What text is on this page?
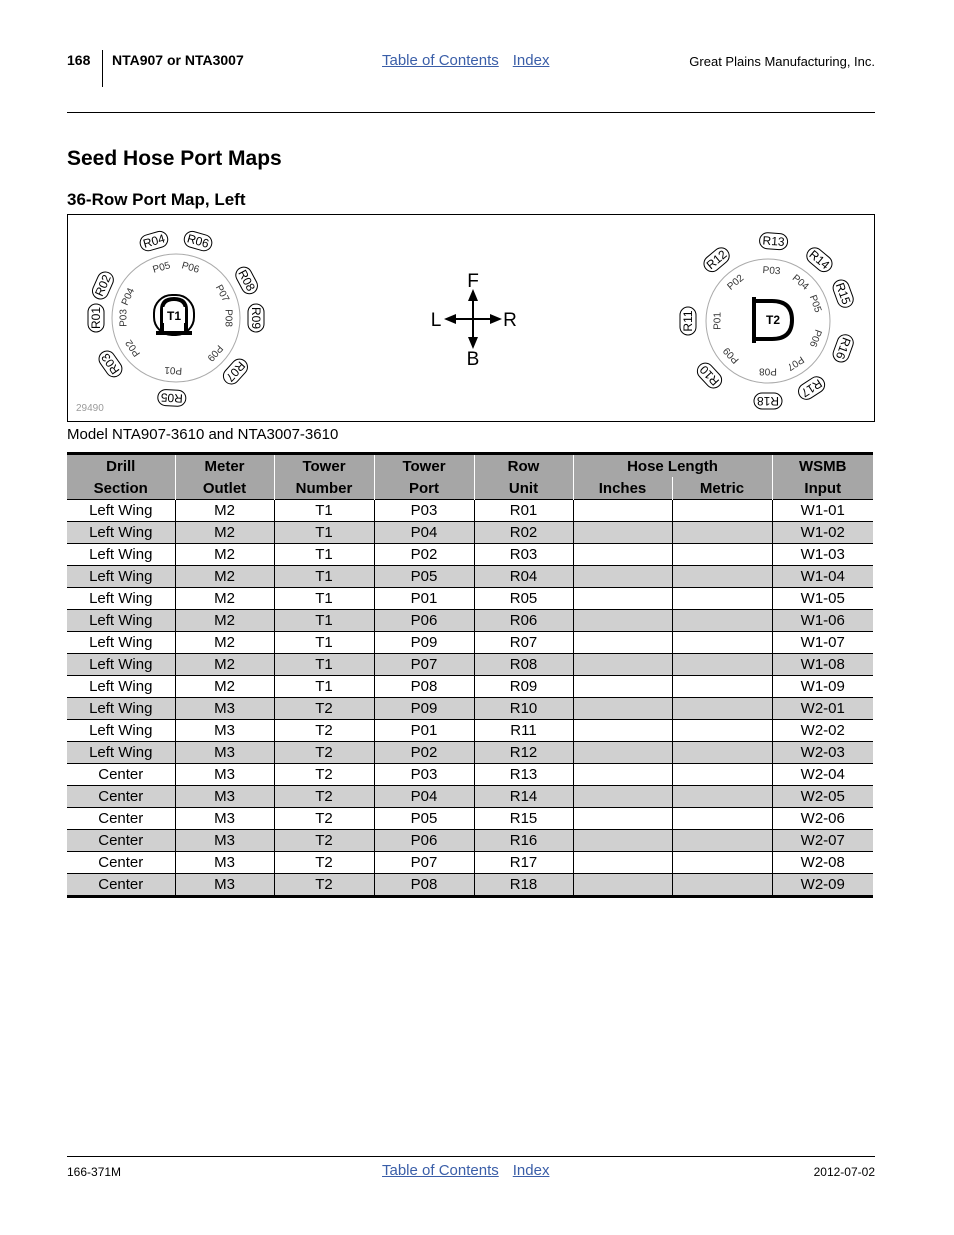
168 NTA907 or NTA3007	Table of Contents Index	Great Plains Manufacturing, Inc.
Seed Hose Port Maps
36-Row Port Map, Left
T1
P05
R04
P06
R06
P04
R02	P07
R08
P03
R01	P08 R09
P02
R03	P09
R07
P01
R05
T2
P03
R13
P02
R12
P04
R14
P05 R15
P01
R11
P06 R16
P09
R10	P07
R17
P08
R18
F
B
L	R
29490
Model NTA907-3610 and NTA3007-3610
Drill	Meter	Tower	Tower	Row	Hose Length		WSMB
Section	Outlet	Number	Port	Unit	Inches	Metric	Input
Left Wing	M2	T1	P03	R01			W1-01
Left Wing	M2	T1	P04	R02			W1-02
Left Wing	M2	T1	P02	R03			W1-03
Left Wing	M2	T1	P05	R04			W1-04
Left Wing	M2	T1	P01	R05			W1-05
Left Wing	M2	T1	P06	R06			W1-06
Left Wing	M2	T1	P09	R07			W1-07
Left Wing	M2	T1	P07	R08			W1-08
Left Wing	M2	T1	P08	R09			W1-09
Left Wing	M3	T2	P09	R10			W2-01
Left Wing	M3	T2	P01	R11			W2-02
Left Wing	M3	T2	P02	R12			W2-03
Center	M3	T2	P03	R13			W2-04
Center	M3	T2	P04	R14			W2-05
Center	M3	T2	P05	R15			W2-06
Center	M3	T2	P06	R16			W2-07
Center	M3	T2	P07	R17			W2-08
Center	M3	T2	P08	R18			W2-09
166-371M	Table of Contents Index	2012-07-02
